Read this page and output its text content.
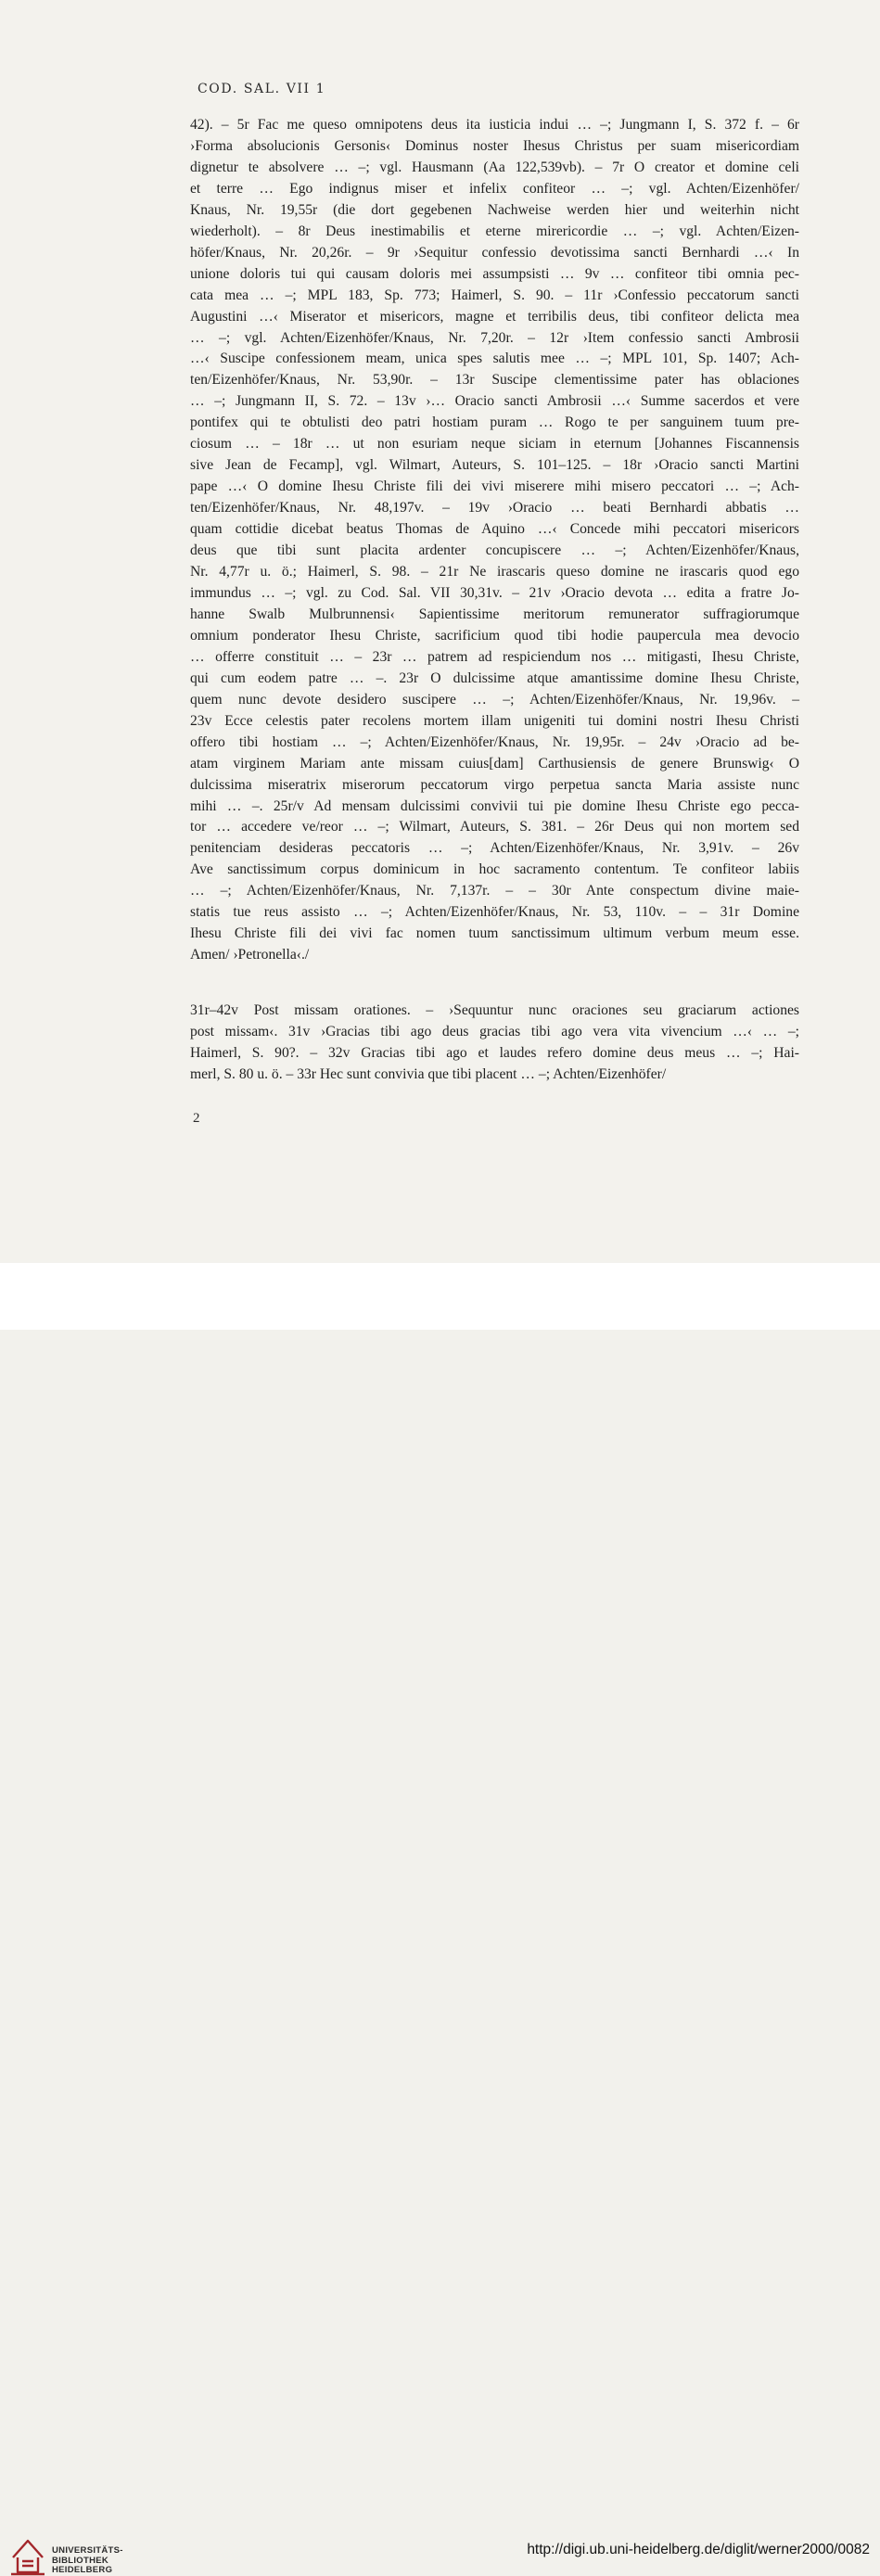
COD. SAL. VII 1
42). – 5r Fac me queso omnipotens deus ita iusticia indui … –; Jungmann I, S. 372 f. – 6r
›Forma absolucionis Gersonis‹ Dominus noster Ihesus Christus per suam misericordiam
dignetur te absolvere … –; vgl. Hausmann (Aa 122,539vb). – 7r O creator et domine celi
et terre … Ego indignus miser et infelix confiteor … –; vgl. Achten/Eizenhöfer/
Knaus, Nr. 19,55r (die dort gegebenen Nachweise werden hier und weiterhin nicht
wiederholt). – 8r Deus inestimabilis et eterne mirericordie … –; vgl. Achten/Eizen-
höfer/Knaus, Nr. 20,26r. – 9r ›Sequitur confessio devotissima sancti Bernhardi …‹ In
unione doloris tui qui causam doloris mei assumpsisti … 9v … confiteor tibi omnia pec-
cata mea … –; MPL 183, Sp. 773; Haimerl, S. 90. – 11r ›Confessio peccatorum sancti
Augustini …‹ Miserator et misericors, magne et terribilis deus, tibi confiteor delicta mea
… –; vgl. Achten/Eizenhöfer/Knaus, Nr. 7,20r. – 12r ›Item confessio sancti Ambrosii
…‹ Suscipe confessionem meam, unica spes salutis mee … –; MPL 101, Sp. 1407; Ach-
ten/Eizenhöfer/Knaus, Nr. 53,90r. – 13r Suscipe clementissime pater has oblaciones
… –; Jungmann II, S. 72. – 13v ›… Oracio sancti Ambrosii …‹ Summe sacerdos et vere
pontifex qui te obtulisti deo patri hostiam puram … Rogo te per sanguinem tuum pre-
ciosum … – 18r … ut non esuriam neque siciam in eternum [Johannes Fiscannensis
sive Jean de Fecamp], vgl. Wilmart, Auteurs, S. 101–125. – 18r ›Oracio sancti Martini
pape …‹ O domine Ihesu Christe fili dei vivi miserere mihi misero peccatori … –; Ach-
ten/Eizenhöfer/Knaus, Nr. 48,197v. – 19v ›Oracio … beati Bernhardi abbatis …
quam cottidie dicebat beatus Thomas de Aquino …‹ Concede mihi peccatori misericors
deus que tibi sunt placita ardenter concupiscere … –; Achten/Eizenhöfer/Knaus,
Nr. 4,77r u. ö.; Haimerl, S. 98. – 21r Ne irascaris queso domine ne irascaris quod ego
immundus … –; vgl. zu Cod. Sal. VII 30,31v. – 21v ›Oracio devota … edita a fratre Jo-
hanne Swalb Mulbrunnensi‹ Sapientissime meritorum remunerator suffragiorumque
omnium ponderator Ihesu Christe, sacrificium quod tibi hodie paupercula mea devocio
… offerre constituit … – 23r … patrem ad respiciendum nos … mitigasti, Ihesu Christe,
qui cum eodem patre … –. 23r O dulcissime atque amantissime domine Ihesu Christe,
quem nunc devote desidero suscipere … –; Achten/Eizenhöfer/Knaus, Nr. 19,96v. –
23v Ecce celestis pater recolens mortem illam unigeniti tui domini nostri Ihesu Christi
offero tibi hostiam … –; Achten/Eizenhöfer/Knaus, Nr. 19,95r. – 24v ›Oracio ad be-
atam virginem Mariam ante missam cuius[dam] Carthusiensis de genere Brunswig‹ O
dulcissima miseratrix miserorum peccatorum virgo perpetua sancta Maria assiste nunc
mihi … –. 25r/v Ad mensam dulcissimi convivii tui pie domine Ihesu Christe ego pecca-
tor … accedere ve/reor … –; Wilmart, Auteurs, S. 381. – 26r Deus qui non mortem sed
penitenciam desideras peccatoris … –; Achten/Eizenhöfer/Knaus, Nr. 3,91v. – 26v
Ave sanctissimum corpus dominicum in hoc sacramento contentum. Te confiteor labiis
… –; Achten/Eizenhöfer/Knaus, Nr. 7,137r. – – 30r Ante conspectum divine maie-
statis tue reus assisto … –; Achten/Eizenhöfer/Knaus, Nr. 53, 110v. – – 31r Domine
Ihesu Christe fili dei vivi fac nomen tuum sanctissimum ultimum verbum meum esse.
Amen/ ›Petronella‹./
31r–42v Post missam orationes. – ›Sequuntur nunc oraciones seu graciarum actiones
post missam‹. 31v ›Gracias tibi ago deus gracias tibi ago vera vita vivencium …‹ … –;
Haimerl, S. 90?. – 32v Gracias tibi ago et laudes refero domine deus meus … –; Hai-
merl, S. 80 u. ö. – 33r Hec sunt convivia que tibi placent … –; Achten/Eizenhöfer/
2
UNIVERSITÄTS-
BIBLIOTHEK
HEIDELBERG
http://digi.ub.uni-heidelberg.de/diglit/werner2000/0082
